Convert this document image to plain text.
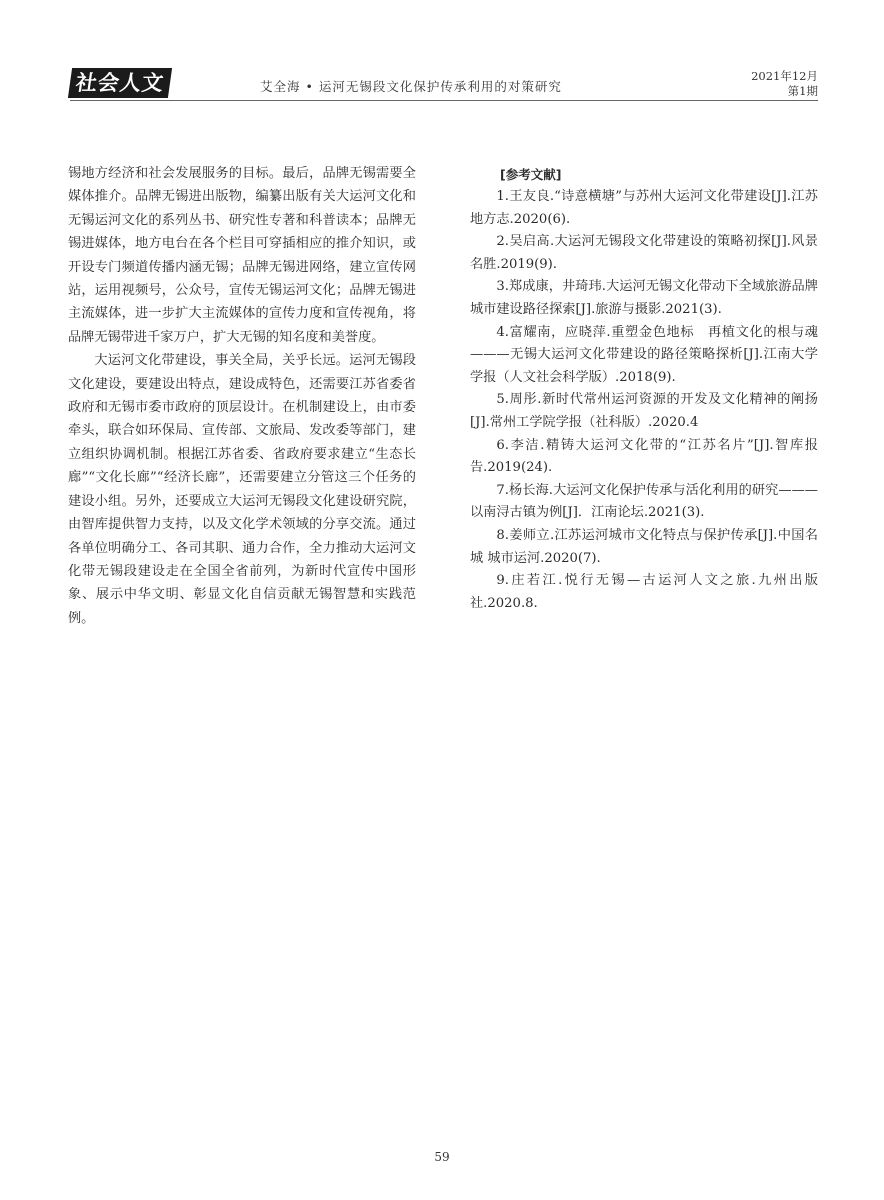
社会人文	艾全海 • 运河无锡段文化保护传承利用的对策研究
2021年12月
第1期

锡地方经济和社会发展服务的目标。最后，品牌无锡需要全媒体推介。品牌无锡进出版物，编纂出版有关大运河文化和无锡运河文化的系列丛书、研究性专著和科普读本；品牌无锡进媒体，地方电台在各个栏目可穿插相应的推介知识，或开设专门频道传播内涵无锡；品牌无锡进网络，建立宣传网站，运用视频号，公众号，宣传无锡运河文化；品牌无锡进主流媒体，进一步扩大主流媒体的宣传力度和宣传视角，将品牌无锡带进千家万户，扩大无锡的知名度和美誉度。

大运河文化带建设，事关全局，关乎长远。运河无锡段文化建设，要建设出特点，建设成特色，还需要江苏省委省政府和无锡市委市政府的顶层设计。在机制建设上，由市委牵头，联合如环保局、宣传部、文旅局、发改委等部门，建立组织协调机制。根据江苏省委、省政府要求建立“生态长廊”“文化长廊”“经济长廊”，还需要建立分管这三个任务的建设小组。另外，还要成立大运河无锡段文化建设研究院，由智库提供智力支持，以及文化学术领域的分享交流。通过各单位明确分工、各司其职、通力合作，全力推动大运河文化带无锡段建设走在全国全省前列，为新时代宣传中国形象、展示中华文明、彰显文化自信贡献无锡智慧和实践范例。

[参考文献]

1.王友良.“诗意横塘”与苏州大运河文化带建设[J].江苏地方志.2020(6).

2.吴启高.大运河无锡段文化带建设的策略初探[J].风景名胜.2019(9).

3.郑成康，井琦玮.大运河无锡文化带动下全域旅游品牌城市建设路径探索[J].旅游与摄影.2021(3).

4.富耀南，应晓萍.重塑金色地标　再植文化的根与魂———无锡大运河文化带建设的路径策略探析[J].江南大学学报（人文社会科学版）.2018(9).

5.周彤.新时代常州运河资源的开发及文化精神的阐扬[J].常州工学院学报（社科版）.2020.4

6.李洁.精铸大运河文化带的“江苏名片”[J].智库报告.2019(24).

7.杨长海.大运河文化保护传承与活化利用的研究———以南浔古镇为例[J]．江南论坛.2021(3).

8.姜师立.江苏运河城市文化特点与保护传承[J].中国名城 城市运河.2020(7).

9.庄若江.悦行无锡—古运河人文之旅.九州出版社.2020.8.

59
